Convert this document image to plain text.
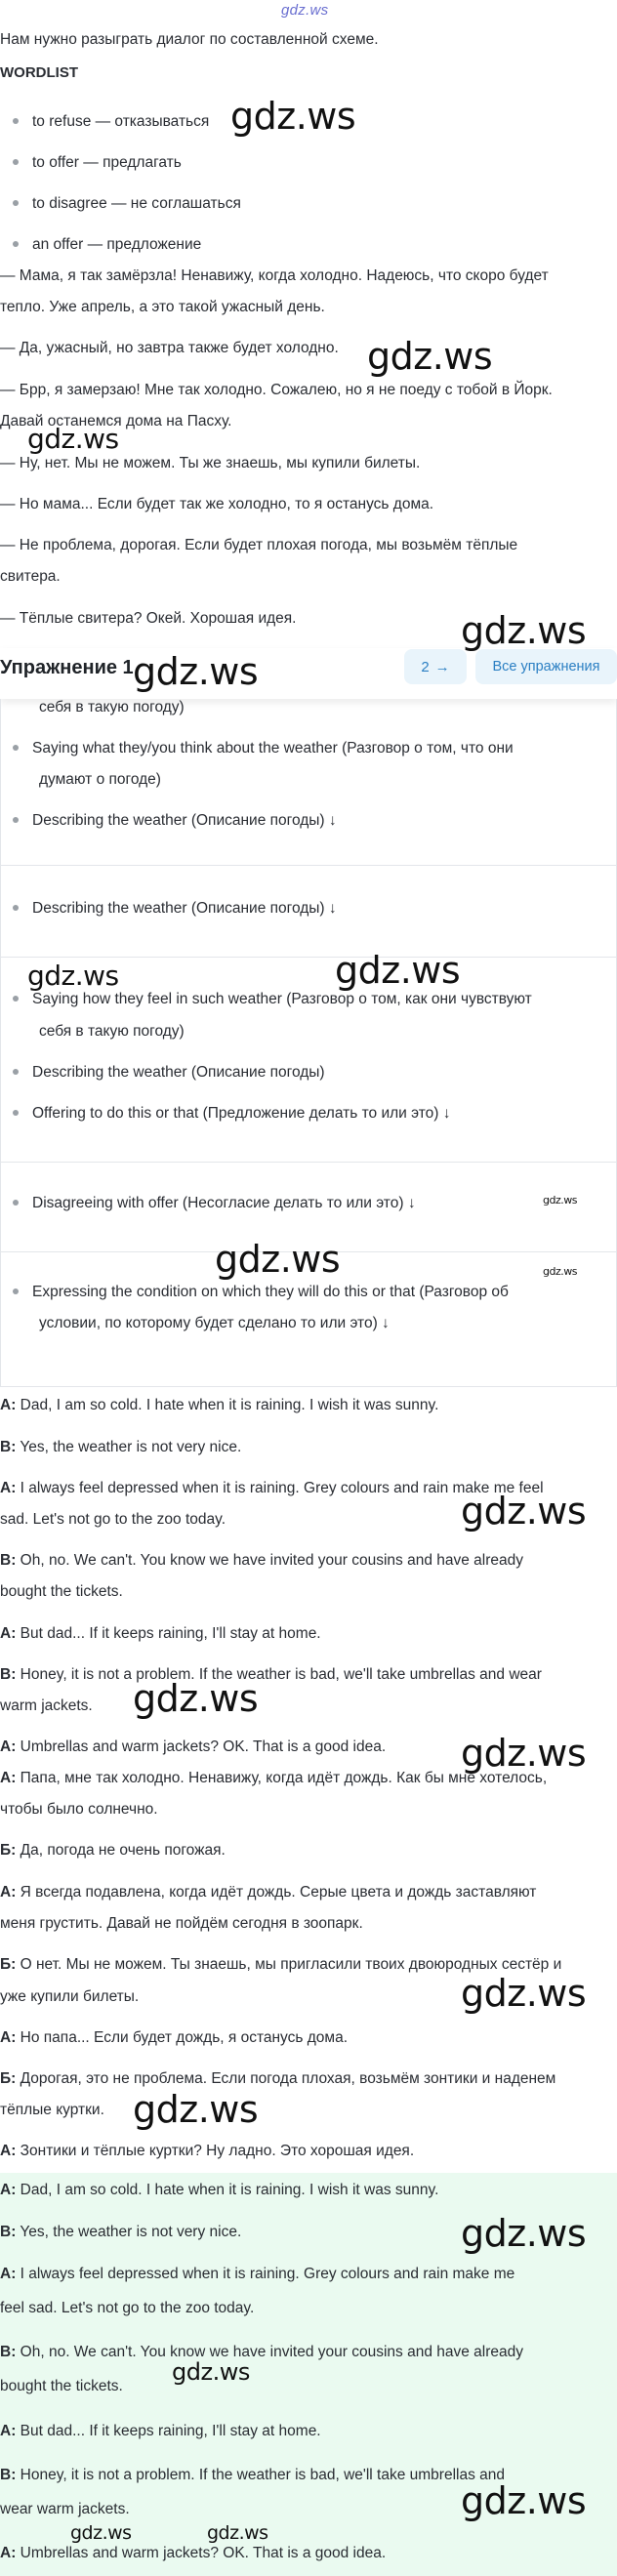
gdz.ws
Нам нужно разыграть диалог по составленной схеме.
WORDLIST
to refuse — отказываться
to offer — предлагать
to disagree — не соглашаться
an offer — предложение
— Мама, я так замёрзла! Ненавижу, когда холодно. Надеюсь, что скоро будет
тепло. Уже апрель, а это такой ужасный день.
— Да, ужасный, но завтра также будет холодно.
— Брр, я замерзаю! Мне так холодно. Сожалею, но я не поеду с тобой в Йорк.
Давай останемся дома на Пасху.
— Ну, нет. Мы не можем. Ты же знаешь, мы купили билеты.
— Но мама... Если будет так же холодно, то я останусь дома.
— Не проблема, дорогая. Если будет плохая погода, мы возьмём тёплые
свитера.
— Тёплые свитера? Окей. Хорошая идея.
Упражнение 1	2 →	Все упражнения
себя в такую погоду)
Saying what they/you think about the weather (Разговор о том, что они
думают о погоде)
Describing the weather (Описание погоды) ↓
Describing the weather (Описание погоды) ↓
Saying how they feel in such weather (Разговор о том, как они чувствуют
себя в такую погоду)
Describing the weather (Описание погоды)
Offering to do this or that (Предложение делать то или это) ↓
Disagreeing with offer (Несогласие делать то или это) ↓
Expressing the condition on which they will do this or that (Разговор об
условии, по которому будет сделано то или это) ↓
A: Dad, I am so cold. I hate when it is raining. I wish it was sunny.
B: Yes, the weather is not very nice.
A: I always feel depressed when it is raining. Grey colours and rain make me feel
sad. Let's not go to the zoo today.
B: Oh, no. We can't. You know we have invited your cousins and have already
bought the tickets.
A: But dad... If it keeps raining, I'll stay at home.
B: Honey, it is not a problem. If the weather is bad, we'll take umbrellas and wear
warm jackets.
A: Umbrellas and warm jackets? OK. That is a good idea.
А: Папа, мне так холодно. Ненавижу, когда идёт дождь. Как бы мне хотелось,
чтобы было солнечно.
Б: Да, погода не очень погожая.
А: Я всегда подавлена, когда идёт дождь. Серые цвета и дождь заставляют
меня грустить. Давай не пойдём сегодня в зоопарк.
Б: О нет. Мы не можем. Ты знаешь, мы пригласили твоих двоюродных сестёр и
уже купили билеты.
А: Но папа... Если будет дождь, я останусь дома.
Б: Дорогая, это не проблема. Если погода плохая, возьмём зонтики и наденем
тёплые куртки.
А: Зонтики и тёплые куртки? Ну ладно. Это хорошая идея.
A: Dad, I am so cold. I hate when it is raining. I wish it was sunny.
B: Yes, the weather is not very nice.
A: I always feel depressed when it is raining. Grey colours and rain make me
feel sad. Let's not go to the zoo today.
B: Oh, no. We can't. You know we have invited your cousins and have already
bought the tickets.
A: But dad... If it keeps raining, I'll stay at home.
B: Honey, it is not a problem. If the weather is bad, we'll take umbrellas and
wear warm jackets.
A: Umbrellas and warm jackets? OK. That is a good idea.
gdz.ws
gdz.ws
gdz.ws
gdz.ws
gdz.ws
gdz.ws	gdz.ws
gdz.ws
gdz.ws	gdz.ws
gdz.ws
gdz.ws
gdz.ws
gdz.ws
gdz.ws
gdz.ws
gdz.ws
gdz.ws
gdz.ws	gdz.ws
